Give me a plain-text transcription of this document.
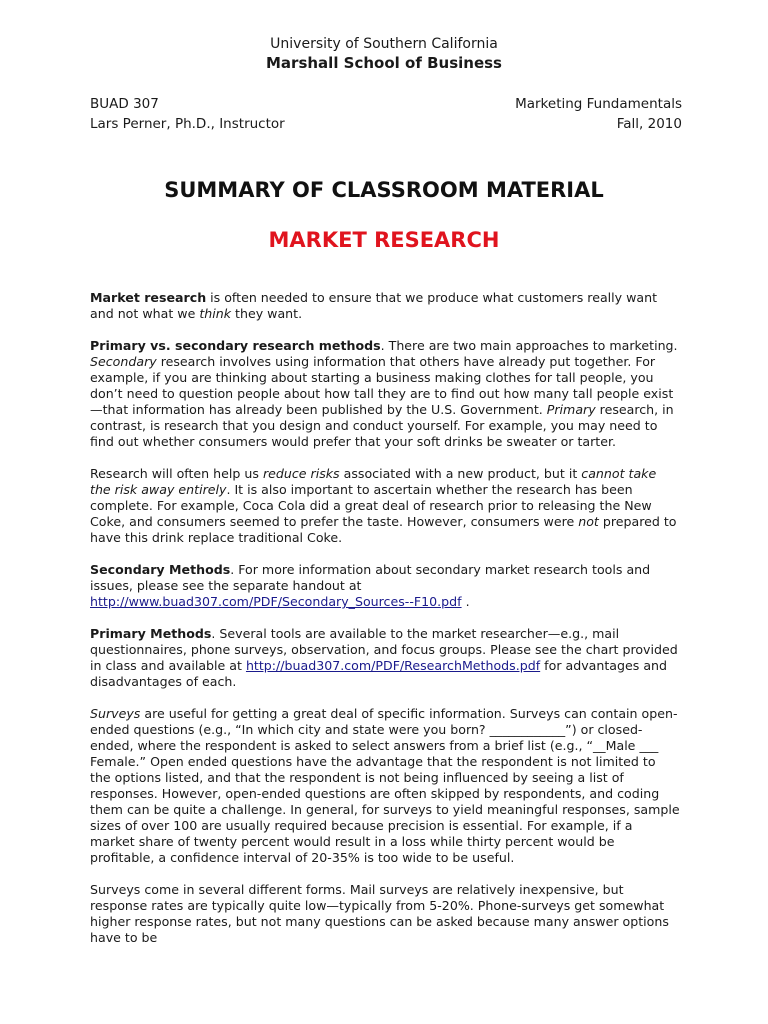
University of Southern California
Marshall School of Business
BUAD 307
Lars Perner, Ph.D., Instructor
Marketing Fundamentals
Fall, 2010
SUMMARY OF CLASSROOM MATERIAL
MARKET RESEARCH

Market research is often needed to ensure that we produce what customers really want and not what we think they want.

Primary vs. secondary research methods. There are two main approaches to marketing. Secondary research involves using information that others have already put together. For example, if you are thinking about starting a business making clothes for tall people, you don’t need to question people about how tall they are to find out how many tall people exist—that information has already been published by the U.S. Government. Primary research, in contrast, is research that you design and conduct yourself. For example, you may need to find out whether consumers would prefer that your soft drinks be sweater or tarter.

Research will often help us reduce risks associated with a new product, but it cannot take the risk away entirely. It is also important to ascertain whether the research has been complete. For example, Coca Cola did a great deal of research prior to releasing the New Coke, and consumers seemed to prefer the taste. However, consumers were not prepared to have this drink replace traditional Coke.

Secondary Methods. For more information about secondary market research tools and issues, please see the separate handout at http://www.buad307.com/PDF/Secondary_Sources--F10.pdf .

Primary Methods. Several tools are available to the market researcher—e.g., mail questionnaires, phone surveys, observation, and focus groups. Please see the chart provided in class and available at http://buad307.com/PDF/ResearchMethods.pdf for advantages and disadvantages of each.

Surveys are useful for getting a great deal of specific information. Surveys can contain open-ended questions (e.g., “In which city and state were you born? ____________”) or closed-ended, where the respondent is asked to select answers from a brief list (e.g., “__Male ___ Female.” Open ended questions have the advantage that the respondent is not limited to the options listed, and that the respondent is not being influenced by seeing a list of responses. However, open-ended questions are often skipped by respondents, and coding them can be quite a challenge. In general, for surveys to yield meaningful responses, sample sizes of over 100 are usually required because precision is essential. For example, if a market share of twenty percent would result in a loss while thirty percent would be profitable, a confidence interval of 20-35% is too wide to be useful.

Surveys come in several different forms. Mail surveys are relatively inexpensive, but response rates are typically quite low—typically from 5-20%. Phone-surveys get somewhat higher response rates, but not many questions can be asked because many answer options have to be
